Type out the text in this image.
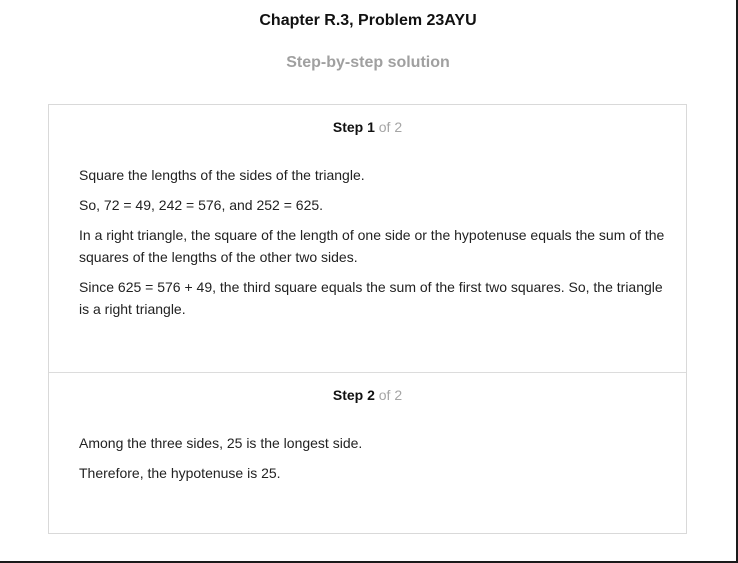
Chapter R.3, Problem 23AYU
Step-by-step solution
Step 1 of 2

Square the lengths of the sides of the triangle.

So, 72 = 49, 242 = 576, and 252 = 625.

In a right triangle, the square of the length of one side or the hypotenuse equals the sum of the squares of the lengths of the other two sides.

Since 625 = 576 + 49, the third square equals the sum of the first two squares. So, the triangle is a right triangle.

Step 2 of 2

Among the three sides, 25 is the longest side.

Therefore, the hypotenuse is 25.
